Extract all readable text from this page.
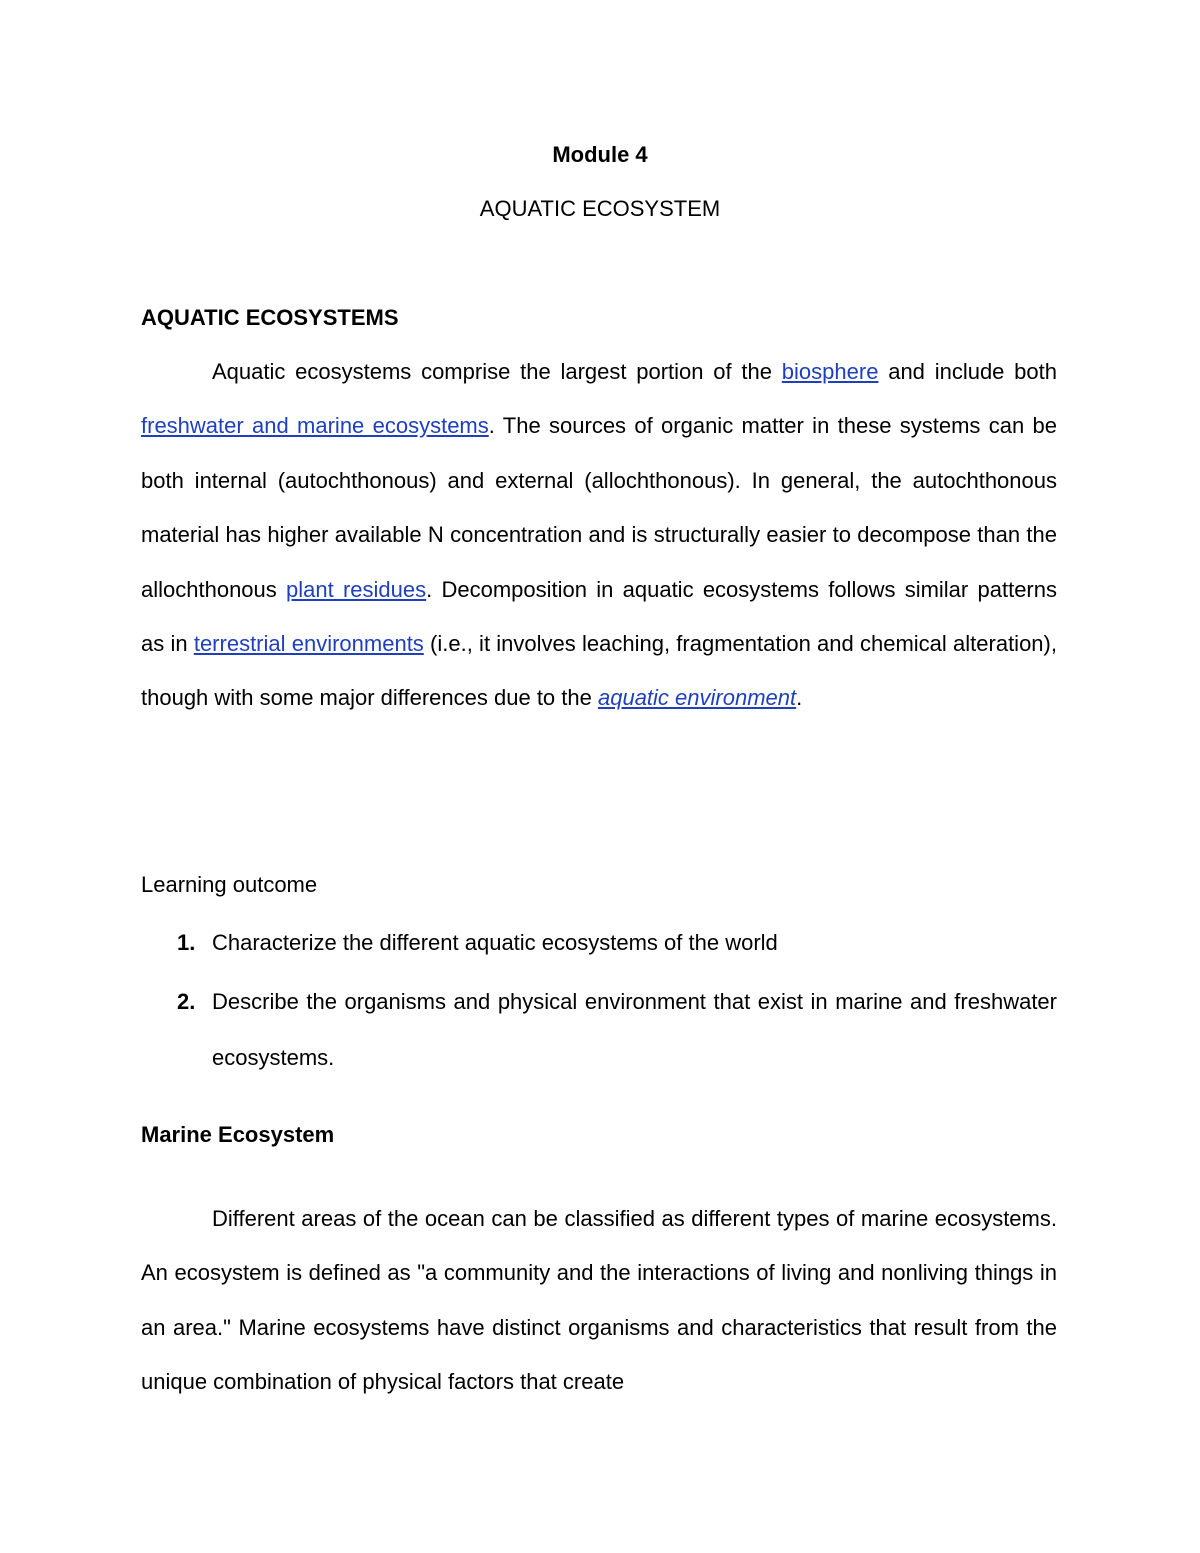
Module 4
AQUATIC ECOSYSTEM
AQUATIC ECOSYSTEMS

Aquatic ecosystems comprise the largest portion of the biosphere and include both freshwater and marine ecosystems. The sources of organic matter in these systems can be both internal (autochthonous) and external (allochthonous). In general, the autochthonous material has higher available N concentration and is structurally easier to decompose than the allochthonous plant residues. Decomposition in aquatic ecosystems follows similar patterns as in terrestrial environments (i.e., it involves leaching, fragmentation and chemical alteration), though with some major differences due to the aquatic environment.

Learning outcome

1. Characterize the different aquatic ecosystems of the world
2. Describe the organisms and physical environment that exist in marine and freshwater ecosystems.
Marine Ecosystem

Different areas of the ocean can be classified as different types of marine ecosystems. An ecosystem is defined as "a community and the interactions of living and nonliving things in an area." Marine ecosystems have distinct organisms and characteristics that result from the unique combination of physical factors that create
